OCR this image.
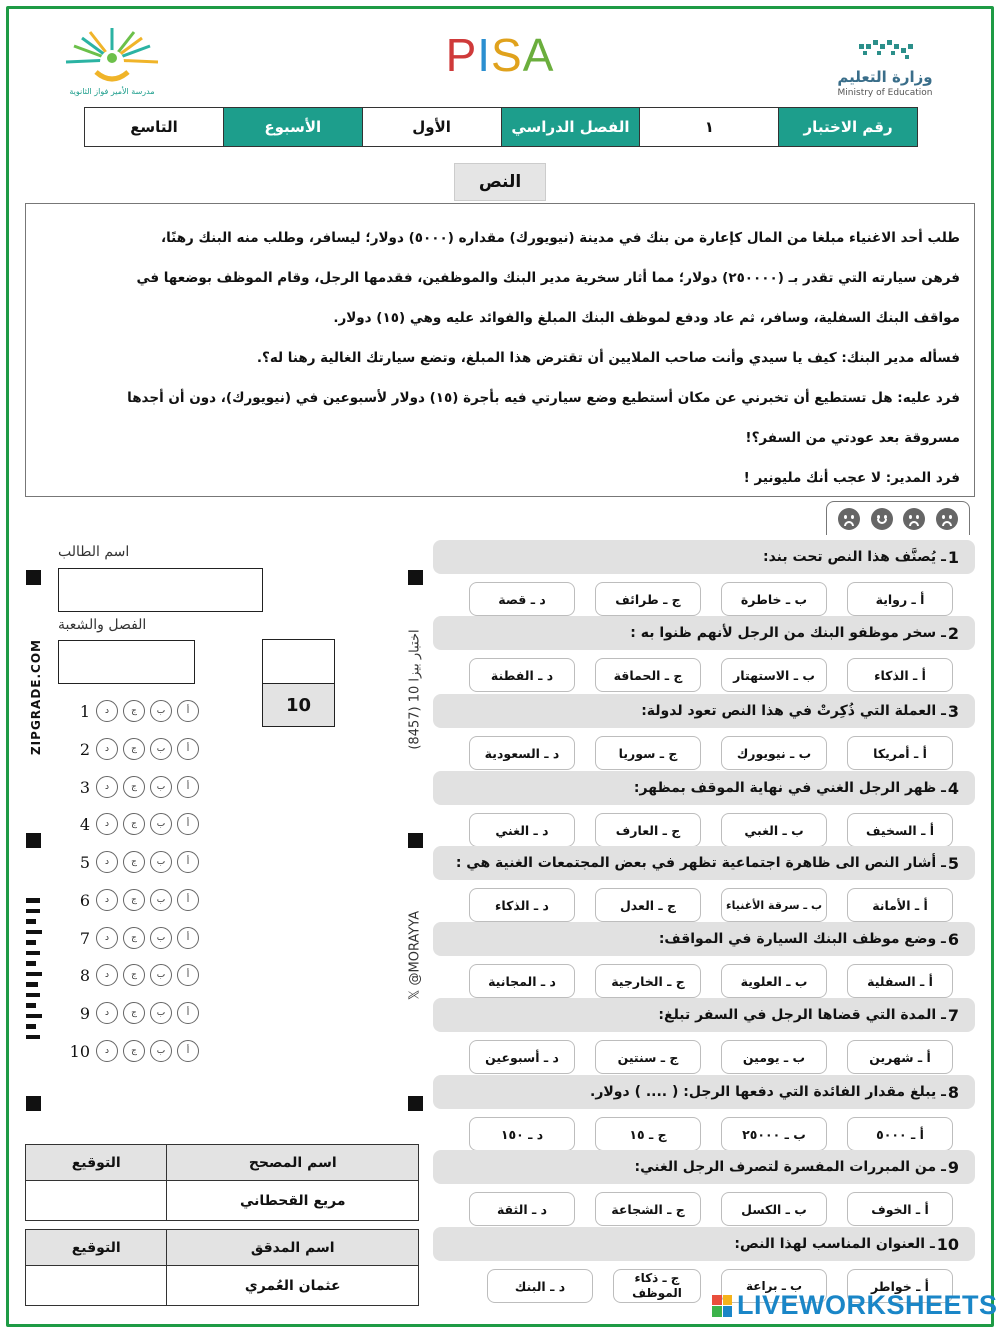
مدرسة الأمير فواز الثانوية
PISA	وزارة التعليم
Ministry of Education
رقم الاختبار
١
الفصل الدراسي
الأول
الأسبوع
التاسع
النص

طلب أحد الاغنياء مبلغا من المال كإعارة من بنك في مدينة (نيويورك) مقداره (٥٠٠٠) دولار؛ ليسافر، وطلب منه البنك رهنًا،

فرهن سيارته التي تقدر بـ (٢٥٠٠٠٠) دولار؛ مما أثار سخرية مدير البنك والموظفين، فقدمها الرجل، وقام الموظف بوضعها في

مواقف البنك السفلية، وسافر، ثم عاد ودفع لموظف البنك المبلغ والفوائد عليه وهي (١٥) دولار.

فسأله مدير البنك: كيف يا سيدي وأنت صاحب الملايين أن تقترض هذا المبلغ، وتضع سيارتك الغالية رهنا له؟.

فرد عليه: هل تستطيع أن تخبرني عن مكان أستطيع وضع سيارتي فيه بأجرة (١٥) دولار لأسبوعين في (نيويورك)، دون أن أجدها

مسروقة بعد عودتي من السفر؟!

فرد المدير: لا عجب أنك مليونير !

1
ـ يُصنَّف هذا النص تحت بند:
أ ـ رواية
ب ـ خاطرة
ج ـ طرائف
د ـ قصة
2
ـ سخر موظفو البنك من الرجل لأنهم ظنوا به :
أ ـ الذكاء
ب ـ الاستهتار
ج ـ الحماقة
د ـ الفطنة
3
ـ العملة التي ذُكِرتْ في هذا النص تعود لدولة:
أ ـ أمريكا
ب ـ نيويورك
ج ـ سوريا
د ـ السعودية
4
ـ ظهر الرجل الغني في نهاية الموقف بمظهر:
أ ـ السخيف
ب ـ الغبي
ج ـ العارف
د ـ الغني
5
ـ أشار النص الى ظاهرة اجتماعية تظهر في بعض المجتمعات الغنية هي :
أ ـ الأمانة
ب ـ سرقة الأغنياء
ج ـ العدل
د ـ الذكاء
6
ـ وضع موظف البنك السيارة في المواقف:
أ ـ السفلية
ب ـ العلوية
ج ـ الخارجية
د ـ المجانية
7
ـ المدة التي قضاها الرجل في السفر تبلغ:
أ ـ شهرين
ب ـ يومين
ج ـ سنتين
د ـ أسبوعين
8
ـ يبلغ مقدار الفائدة التي دفعها الرجل: ( .... ) دولار.
أ ـ ٥٠٠٠
ب ـ ٢٥٠٠٠
ج ـ ١٥
د ـ ١٥٠
9
ـ من المبررات المفسرة لتصرف الرجل الغني:
أ ـ الخوف
ب ـ الكسل
ج ـ الشجاعة
د ـ الثقة
10
ـ العنوان المناسب لهذا النص:
أ ـ خواطر
ب ـ براعة
ج ـ ذكاء الموظف
د ـ البنك
اسم الطالب
الفصل والشعبة
10
ZIPGRADE.COM	اختبار بيزا 10 (8457)
𝕏 @MORAYYA
1	د	ج	ب	أ
2	د	ج	ب	أ
3	د	ج	ب	أ
4	د	ج	ب	أ
5	د	ج	ب	أ
6	د	ج	ب	أ
7	د	ج	ب	أ
8	د	ج	ب	أ
9	د	ج	ب	أ
10	د	ج	ب	أ
اسم المصحح	التوقيع
مريع القحطاني	
اسم المدقق	التوقيع
عثمان العُمري	
LIVEWORKSHEETS
